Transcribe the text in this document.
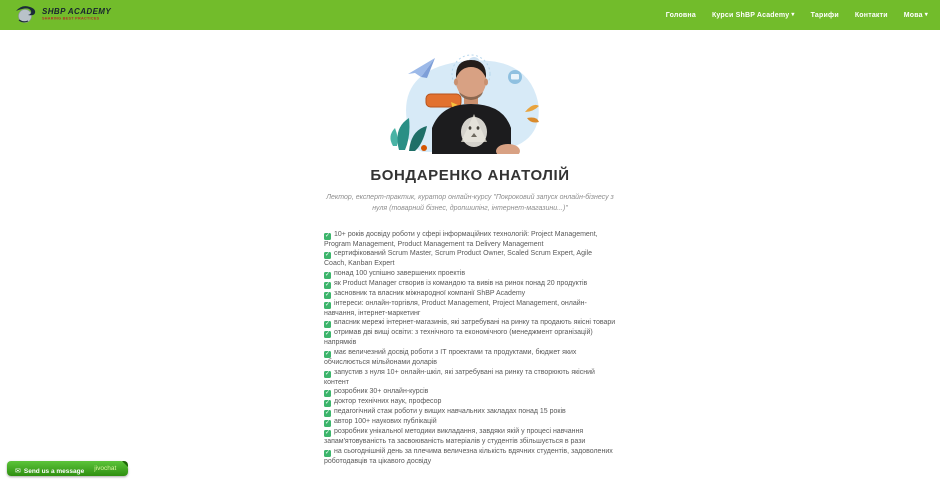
SHBP ACADEMY
SHARING BEST PRACTICES	Головна Курси ShBP Academy ▾ Тарифи Контакти Мова ▾
БОНДАРЕНКО АНАТОЛІЙ

Лектор, експерт-практик, куратор онлайн-курсу "Покроковий запуск онлайн-бізнесу з нуля (товарний бізнес, дропшипінг, інтернет-магазини...)"

✓ 10+ років досвіду роботи у сфері інформаційних технологій: Project Management, Program Management, Product Management та Delivery Management
✓ сертифікований Scrum Master, Scrum Product Owner, Scaled Scrum Expert, Agile Coach, Kanban Expert
✓ понад 100 успішно завершених проектів
✓ як Product Manager створив із командою та вивів на ринок понад 20 продуктів
✓ засновник та власник міжнародної компанії ShBP Academy
✓ інтереси: онлайн-торгівля, Product Management, Project Management, онлайн-навчання, інтернет-маркетинг
✓ власник мережі інтернет-магазинів, які затребувані на ринку та продають якісні товари
✓ отримав дві вищі освіти: з технічного та економічного (менеджмент організацій) напрямків
✓ має величезний досвід роботи з ІТ проектами та продуктами, бюджет яких обчислюється мільйонами доларів
✓ запустив з нуля 10+ онлайн-шкіл, які затребувані на ринку та створюють якісний контент
✓ розробник 30+ онлайн-курсів
✓ доктор технічних наук, професор
✓ педагогічний стаж роботи у вищих навчальних закладах понад 15 років
✓ автор 100+ наукових публікацій
✓ розробник унікальної методики викладання, завдяки якій у процесі навчання запам'ятовуваність та засвоюваність матеріалів у студентів збільшується в рази
✓ на сьогоднішній день за плечима величезна кількість вдячних студентів, задоволених роботодавців та цікавого досвіду
✉ Send us a message jivochat
